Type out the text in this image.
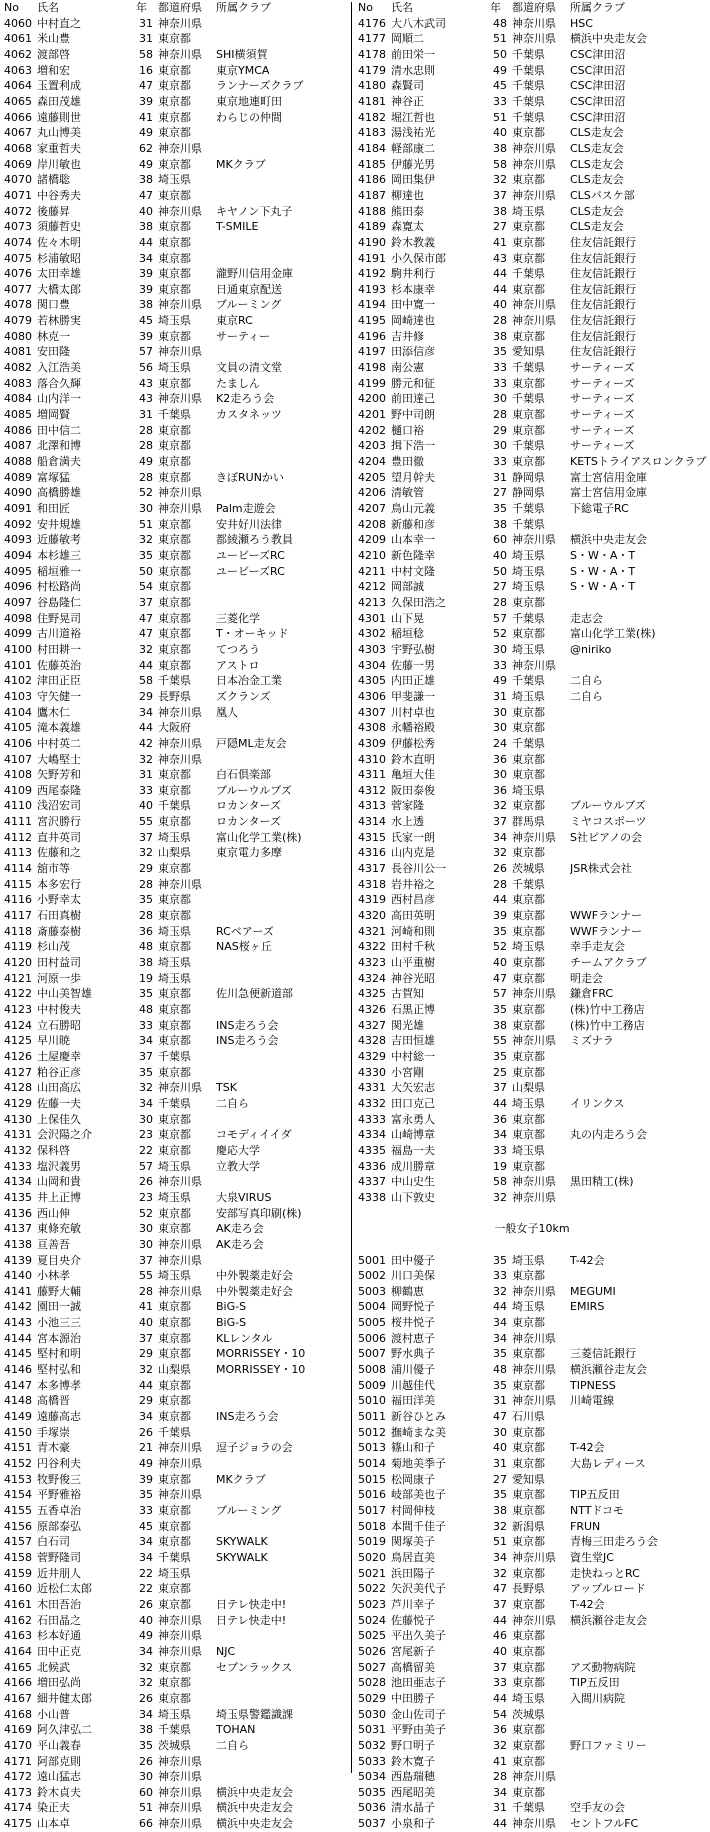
No	氏名	年	都道府県	所属クラブ
4060 中村直之	31 神奈川県
4061 米山豊	31 東京都
4062 渡部啓	58 神奈川県	SHI横須賀
4063 増和宏	16 東京都	東京YMCA
4064 玉置利成	47 東京都	ランナーズクラブ
4065 森田茂雄	39 東京都	東京地連町田
4066 遠藤則世	41 東京都	わらじの仲間
4067 丸山博美	49 東京都
4068 家重哲夫	62 神奈川県
4069 岸川敏也	49 東京都	MKクラブ
4070 諸橋聡	38 埼玉県
4071 中谷秀夫	47 東京都
4072 後藤昇	40 神奈川県	キヤノン下丸子
4073 須藤哲史	38 東京都	T-SMILE
4074 佐々木明	44 東京都
4075 杉浦敏昭	34 東京都
4076 太田幸雄	39 東京都	瀧野川信用金庫
4077 大橋太郎	39 東京都	日通東京配送
4078 関口豊	38 神奈川県	ブルーミング
4079 若林勝実	45 埼玉県	東京RC
4080 林克一	39 東京都	サーティー
4081 安田隆	57 神奈川県
4082 入江浩美	56 埼玉県	文員の清文堂
4083 落合久輝	43 東京都	たましん
4084 山内洋一	43 神奈川県	K2走ろう会
4085 増岡賢	31 千葉県	カスタネッツ
4086 田中信二	28 東京都
4087 北澤和博	28 東京都
4088 船倉満夫	49 東京都
4089 富塚猛	28 東京都	きぼRUNかい
4090 高橋勝雄	52 神奈川県
4091 和田匠	30 神奈川県	Palm走遊会
4092 安井規雄	51 東京都	安井好川法律
4093 近藤敏考	32 東京都	都綾瀬ろう教員
4094 本杉雄三	35 東京都	ユービーズRC
4095 稲垣雅一	50 東京都	ユービーズRC
4096 村松路尚	54 東京都
4097 谷島隆仁	37 東京都
4098 住野晃司	47 東京都	三菱化学
4099 古川道裕	47 東京都	T・オーキッド
4100 村田耕一	32 東京都	てつろう
4101 佐藤英治	44 東京都	アストロ
4102 津田正臣	58 千葉県	日本冶金工業
4103 守矢健一	29 長野県	ズクランズ
4104 鷹木仁	34 神奈川県	凰人
4105 滝本義雄	44 大阪府
4106 中村英二	42 神奈川県	戸隠ML走友会
4107 大嶋堅士	32 神奈川県
4108 矢野芳和	31 東京都	白石倶楽部
4109 西尾泰隆	33 東京都	ブルーウルブズ
4110 浅沼宏司	40 千葉県	ロカンターズ
4111 宮沢勝行	55 東京都	ロカンターズ
4112 直井英司	37 埼玉県	富山化学工業(株)
4113 佐藤和之	32 山梨県	東京電力多摩
4114 舘市等	29 東京都
4115 本多宏行	28 神奈川県
4116 小野幸太	35 東京都
4117 石田真樹	28 東京都
4118 斎藤泰樹	36 埼玉県	RCベアーズ
4119 杉山茂	48 東京都	NAS桜ヶ丘
4120 田村益司	38 埼玉県
4121 河原一歩	19 埼玉県
4122 中山美智雄	35 東京都	佐川急便新道部
4123 中村俊夫	48 東京都
4124 立石勝昭	33 東京都	INS走ろう会
4125 早川暁	34 東京都	INS走ろう会
4126 土屋慶幸	37 千葉県
4127 粕谷正彦	35 東京都
4128 山田高広	32 神奈川県	TSK
4129 佐藤一夫	34 千葉県	二自ら
4130 上保佳久	30 東京都
4131 会沢陽之介	23 東京都	コモディイイダ
4132 保科啓	22 東京都	慶応大学
4133 塩沢義男	57 埼玉県	立教大学
4134 山岡和貴	26 神奈川県
4135 井上正博	23 埼玉県	大泉VIRUS
4136 西山伸	52 東京都	安部写真印刷(株)
4137 東條充敏	30 東京都	AK走ろ会
4138 亘善吾	30 神奈川県	AK走ろ会
4139 夏目央介	37 神奈川県
4140 小林孝	55 埼玉県	中外製薬走好会
4141 藤野大輔	28 神奈川県	中外製薬走好会
4142 園田一誠	41 東京都	BiG-S
4143 小池三三	40 東京都	BiG-S
4144 宮本源治	37 東京都	KLレンタル
4145 堅村和明	29 東京都	MORRISSEY・10
4146 堅村弘和	32 山梨県	MORRISSEY・10
4147 本多博孝	44 東京都
4148 高橋晋	29 東京都
4149 遠藤高志	34 東京都	INS走ろう会
4150 手塚崇	26 千葉県
4151 青木豪	21 神奈川県	逗子ジョラの会
4152 円谷利夫	49 神奈川県
4153 牧野俊三	39 東京都	MKクラブ
4154 平野雅裕	35 神奈川県
4155 五香卓治	33 東京都	ブルーミング
4156 原部泰弘	45 東京都
4157 白石司	34 東京都	SKYWALK
4158 菅野隆司	34 千葉県	SKYWALK
4159 近井朋人	22 埼玉県
4160 近松仁太郎	22 東京都
4161 木田吾治	26 東京都	日テレ快走中!
4162 石田晶之	40 神奈川県	日テレ快走中!
4163 杉本好通	49 神奈川県
4164 田中正克	34 神奈川県	NJC
4165 北候武	32 東京都	セブンラックス
4166 増田弘尚	32 東京都
4167 細井健太郎	26 東京都
4168 小山普	34 埼玉県	埼玉県警鑑識課
4169 阿久津弘二	38 千葉県	TOHAN
4170 平山義春	35 茨城県	二自ら
4171 阿部克則	26 神奈川県
4172 遠山猛志	30 神奈川県
4173 鈴木貞夫	60 神奈川県	横浜中央走友会
4174 染正夫	51 神奈川県	横浜中央走友会
4175 山本卓	66 神奈川県	横浜中央走友会
No	氏名	年	都道府県	所属クラブ
4176 大八木武司	48 神奈川県	HSC
4177 岡順二	51 神奈川県	横浜中央走友会
4178 前田栄一	50 千葉県	CSC津田沼
4179 清水忠則	49 千葉県	CSC津田沼
4180 森賢司	45 千葉県	CSC津田沼
4181 神谷正	33 千葉県	CSC津田沼
4182 堀江哲也	51 千葉県	CSC津田沼
4183 湯浅祐光	40 東京都	CLS走友会
4184 軽部康二	38 神奈川県	CLS走友会
4185 伊藤光男	58 神奈川県	CLS走友会
4186 岡田集伊	32 東京都	CLS走友会
4187 柳達也	37 神奈川県	CLSバスケ部
4188 熊田泰	38 埼玉県	CLS走友会
4189 森寛太	27 東京都	CLS走友会
4190 鈴木教義	41 東京都	住友信託銀行
4191 小久保市郎	43 東京都	住友信託銀行
4192 駒井利行	44 千葉県	住友信託銀行
4193 杉本康幸	44 東京都	住友信託銀行
4194 田中寛一	40 神奈川県	住友信託銀行
4195 岡崎達也	28 神奈川県	住友信託銀行
4196 吉井修	38 東京都	住友信託銀行
4197 田添信彦	35 愛知県	住友信託銀行
4198 南公憲	33 千葉県	サーティーズ
4199 勝元和征	33 東京都	サーティーズ
4200 前田達己	30 千葉県	サーティーズ
4201 野中司朗	28 東京都	サーティーズ
4202 樋口裕	29 東京都	サーティーズ
4203 揖下浩一	30 千葉県	サーティーズ
4204 豊田徹	33 東京都	KETSトライアスロンクラブ
4205 望月幹夫	31 静岡県	富士宮信用金庫
4206 清敏管	27 静岡県	富士宮信用金庫
4207 鳥山元義	35 千葉県	下総電子RC
4208 新藤和彦	38 千葉県
4209 山本幸一	60 神奈川県	横浜中央走友会
4210 新色隆幸	40 埼玉県	S・W・A・T
4211 中村文隆	50 埼玉県	S・W・A・T
4212 岡部誠	27 埼玉県	S・W・A・T
4213 久保田浩之	28 東京都
4301 山下晃	57 千葉県	走志会
4302 稲垣稔	52 東京都	富山化学工業(株)
4303 宇野弘樹	30 埼玉県	@niriko
4304 佐藤一男	33 神奈川県
4305 内田正雄	49 千葉県	二自ら
4306 甲斐謙一	31 埼玉県	二自ら
4307 川村卓也	30 東京都
4308 永幡裕殿	30 東京都
4309 伊藤松秀	24 千葉県
4310 鈴木直明	36 東京都
4311 亀垣大佳	30 東京都
4312 阪田泰俊	36 埼玉県
4313 菅家隆	32 東京都	ブルーウルブズ
4314 水上透	37 群馬県	ミヤコスポーツ
4315 氏家一朗	34 神奈川県	S社ピアノの会
4316 山内克是	32 東京都
4317 長谷川公一	26 茨城県	JSR株式会社
4318 岩井裕之	28 千葉県
4319 西村昌彦	44 東京都
4320 高田英明	39 東京都	WWFランナー
4321 河崎和則	35 東京都	WWFランナー
4322 田村千秋	52 埼玉県	幸手走友会
4323 山平重樹	40 東京都	チームアクラブ
4324 神谷光昭	47 東京都	明走会
4325 古賀知	57 神奈川県	鎌倉FRC
4326 石黒正博	35 東京都	(株)竹中工務店
4327 関光雄	38 東京都	(株)竹中工務店
4328 吉田恒雄	55 神奈川県	ミズナラ
4329 中村総一	35 東京都
4330 小宮剛	25 東京都
4331 大矢宏志	37 山梨県
4332 田口克己	44 埼玉県	イリンクス
4333 富永勇人	36 東京都
4334 山崎博章	34 東京都	丸の内走ろう会
4335 福島一夫	33 埼玉県
4336 成川勝章	19 東京都
4337 中山史生	58 神奈川県	黒田精工(株)
4338 山下敦史	32 神奈川県
一般女子10km
5001 田中優子	35 埼玉県	T-42会
5002 川口美保	33 東京都
5003 柳鶴恵	32 神奈川県	MEGUMI
5004 岡野悦子	44 埼玉県	EMIRS
5005 桜井悦子	34 東京都
5006 渡村恵子	34 神奈川県
5007 野水典子	35 東京都	三菱信託銀行
5008 浦川優子	48 神奈川県	横浜瀬谷走友会
5009 川越佳代	35 東京都	TIPNESS
5010 福田洋美	31 神奈川県	川崎電線
5011 新谷ひとみ	47 石川県
5012 撫崎まな美	30 東京都
5013 篠山和子	40 東京都	T-42会
5014 菊地美季子	31 東京都	大島レディース
5015 松岡康子	27 愛知県
5016 岐部美也子	35 東京都	TIP五反田
5017 村岡伸枝	38 東京都	NTTドコモ
5018 本間千佳子	32 新潟県	FRUN
5019 関塚美子	51 東京都	青梅三田走ろう会
5020 鳥居直美	34 神奈川県	資生堂JC
5021 浜田陽子	32 東京都	走快ねっとRC
5022 矢沢美代子	47 長野県	アップルロード
5023 芦川幸子	37 東京都	T-42会
5024 佐藤悦子	44 神奈川県	横浜瀬谷走友会
5025 平出久美子	46 東京都
5026 宮尾新子	40 東京都
5027 高橋留美	37 東京都	アズ動物病院
5028 池田亜志子	33 東京都	TIP五反田
5029 中田勝子	44 埼玉県	入間川病院
5030 金山佐司子	54 茨城県
5031 平野由美子	36 東京都
5032 野口明子	32 東京都	野口ファミリー
5033 鈴木寛子	41 東京都
5034 西島瑞穂	28 神奈川県
5035 西尾昭美	34 東京都
5036 清水晶子	31 千葉県	空手友の会
5037 小泉和子	44 神奈川県	セントフルFC
